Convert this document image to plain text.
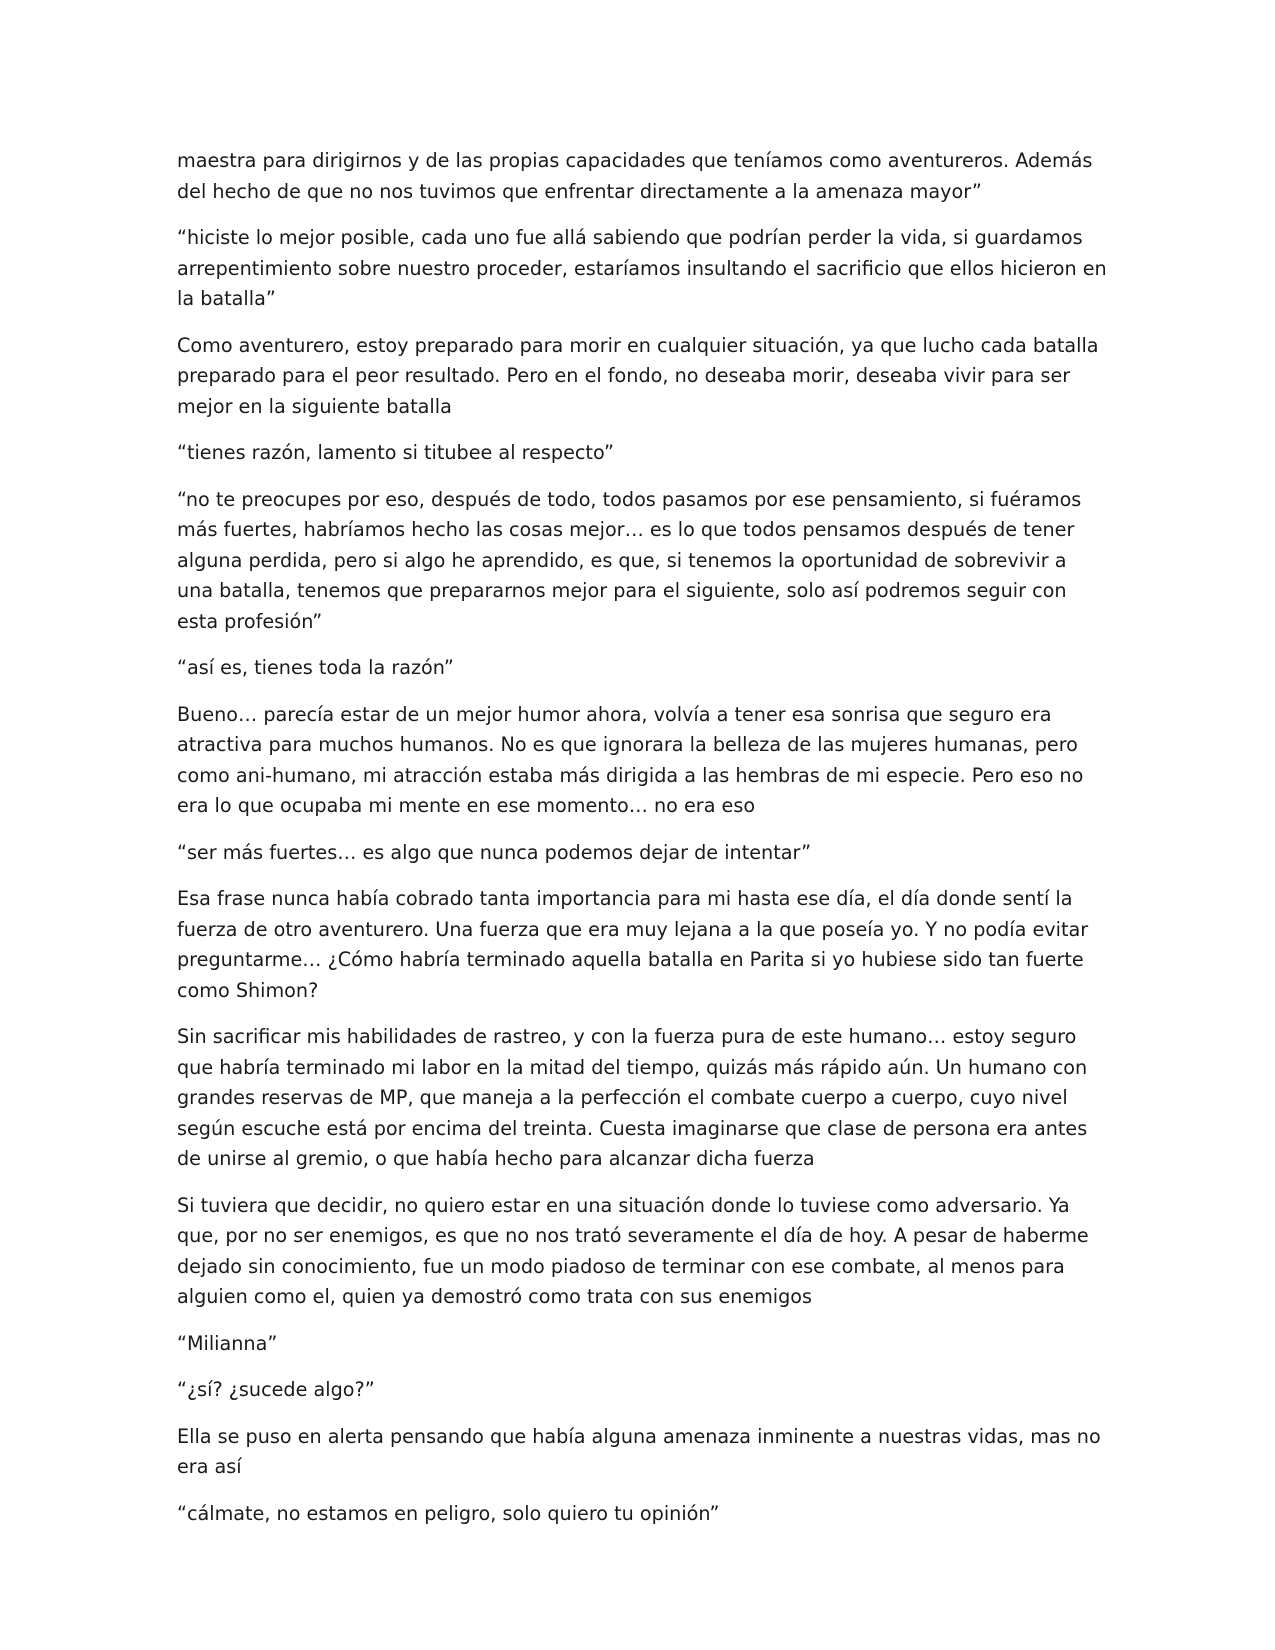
maestra para dirigirnos y de las propias capacidades que teníamos como aventureros. Además del hecho de que no nos tuvimos que enfrentar directamente a la amenaza mayor”

“hiciste lo mejor posible, cada uno fue allá sabiendo que podrían perder la vida, si guardamos arrepentimiento sobre nuestro proceder, estaríamos insultando el sacrificio que ellos hicieron en la batalla”

Como aventurero, estoy preparado para morir en cualquier situación, ya que lucho cada batalla preparado para el peor resultado. Pero en el fondo, no deseaba morir, deseaba vivir para ser mejor en la siguiente batalla

“tienes razón, lamento si titubee al respecto”

“no te preocupes por eso, después de todo, todos pasamos por ese pensamiento, si fuéramos más fuertes, habríamos hecho las cosas mejor… es lo que todos pensamos después de tener alguna perdida, pero si algo he aprendido, es que, si tenemos la oportunidad de sobrevivir a una batalla, tenemos que prepararnos mejor para el siguiente, solo así podremos seguir con esta profesión”

“así es, tienes toda la razón”

Bueno… parecía estar de un mejor humor ahora, volvía a tener esa sonrisa que seguro era atractiva para muchos humanos. No es que ignorara la belleza de las mujeres humanas, pero como ani-humano, mi atracción estaba más dirigida a las hembras de mi especie. Pero eso no era lo que ocupaba mi mente en ese momento… no era eso

“ser más fuertes… es algo que nunca podemos dejar de intentar”

Esa frase nunca había cobrado tanta importancia para mi hasta ese día, el día donde sentí la fuerza de otro aventurero. Una fuerza que era muy lejana a la que poseía yo. Y no podía evitar preguntarme… ¿Cómo habría terminado aquella batalla en Parita si yo hubiese sido tan fuerte como Shimon?

Sin sacrificar mis habilidades de rastreo, y con la fuerza pura de este humano… estoy seguro que habría terminado mi labor en la mitad del tiempo, quizás más rápido aún. Un humano con grandes reservas de MP, que maneja a la perfección el combate cuerpo a cuerpo, cuyo nivel según escuche está por encima del treinta. Cuesta imaginarse que clase de persona era antes de unirse al gremio, o que había hecho para alcanzar dicha fuerza

Si tuviera que decidir, no quiero estar en una situación donde lo tuviese como adversario. Ya que, por no ser enemigos, es que no nos trató severamente el día de hoy. A pesar de haberme dejado sin conocimiento, fue un modo piadoso de terminar con ese combate, al menos para alguien como el, quien ya demostró como trata con sus enemigos

“Milianna”

“¿sí? ¿sucede algo?”

Ella se puso en alerta pensando que había alguna amenaza inminente a nuestras vidas, mas no era así

“cálmate, no estamos en peligro, solo quiero tu opinión”
